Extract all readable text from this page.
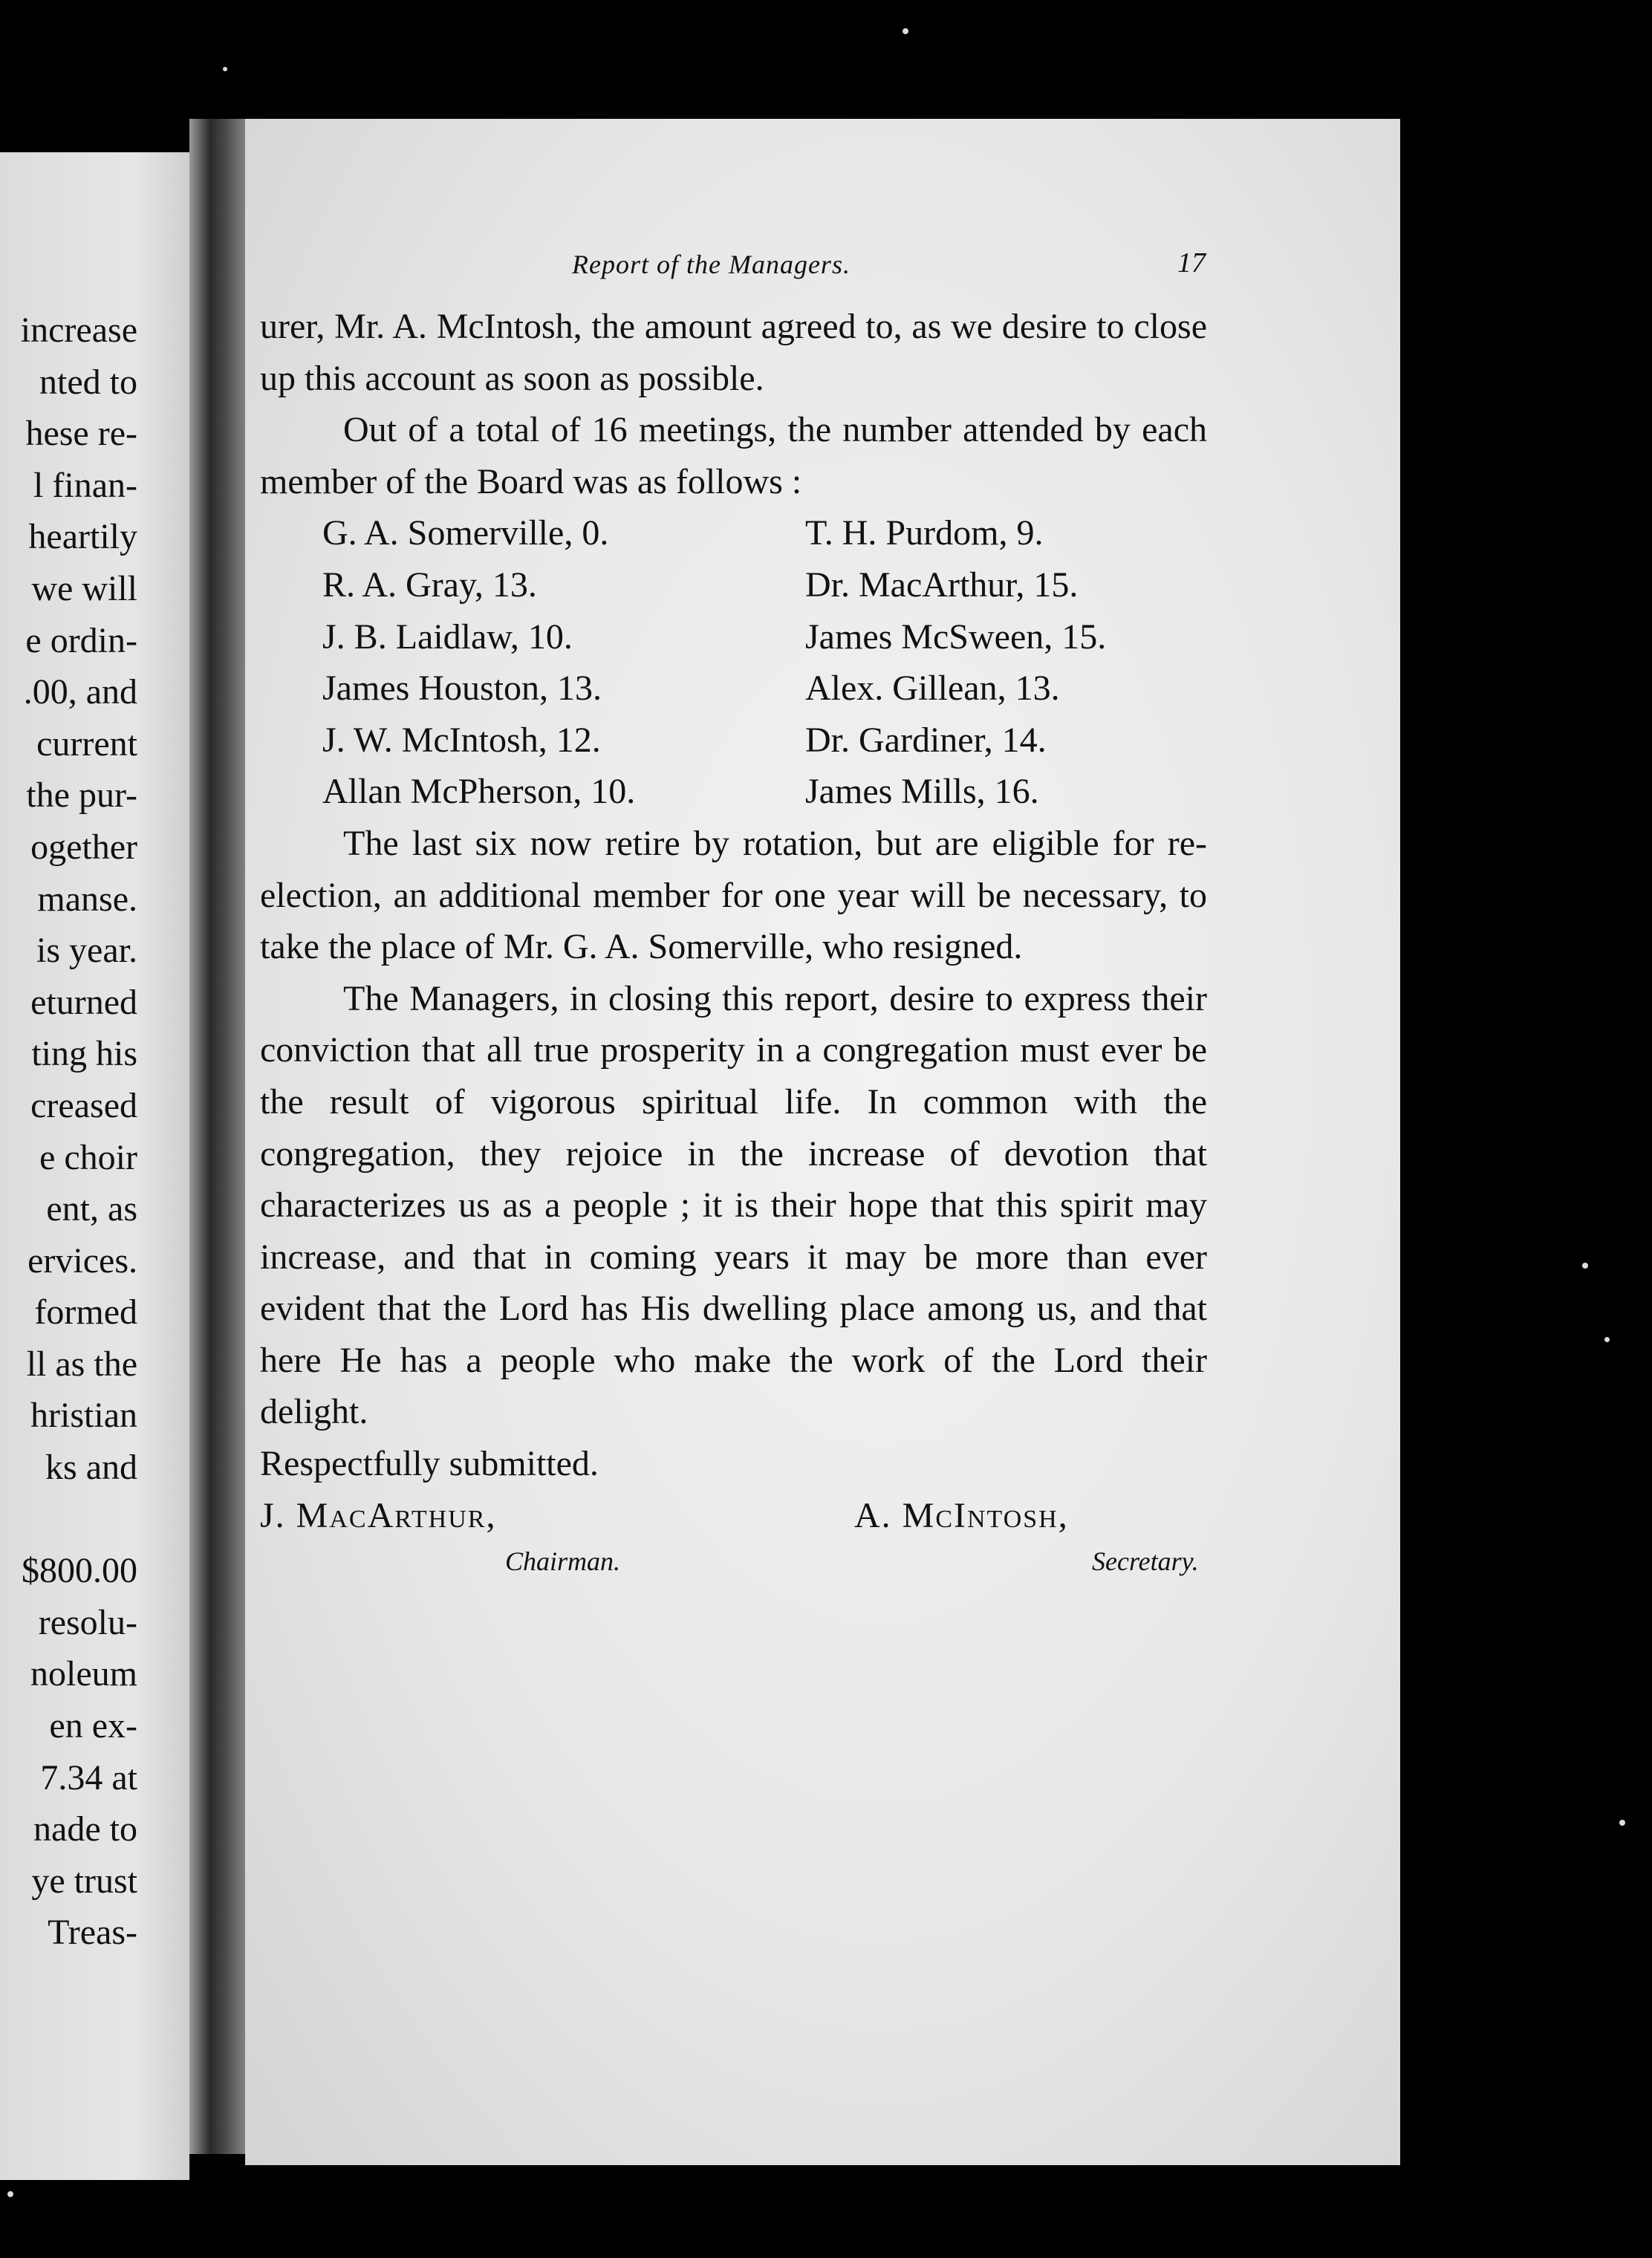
increase
nted to
hese re-
l finan-
heartily
we will
e ordin-
.00, and
current
the pur-
ogether
manse.
is year.
eturned
ting his
creased
e choir
ent, as
ervices.
formed
ll as the
hristian
ks and
$800.00
resolu-
noleum
en ex-
7.34 at
nade to
ye trust
Treas-
Report of the Managers.	17

urer, Mr. A. McIntosh, the amount agreed to, as we desire to close up this account as soon as possible.

Out of a total of 16 meetings, the number attended by each member of the Board was as follows :

G. A. Somerville, 0.	T. H. Purdom, 9.
R. A. Gray, 13.	Dr. MacArthur, 15.
J. B. Laidlaw, 10.	James McSween, 15.
James Houston, 13.	Alex. Gillean, 13.
J. W. McIntosh, 12.	Dr. Gardiner, 14.
Allan McPherson, 10.	James Mills, 16.

The last six now retire by rotation, but are eligible for re-election, an additional member for one year will be necessary, to take the place of Mr. G. A. Somerville, who resigned.

The Managers, in closing this report, desire to express their conviction that all true prosperity in a congregation must ever be the result of vigorous spiritual life. In common with the congregation, they rejoice in the increase of devotion that characterizes us as a people ; it is their hope that this spirit may increase, and that in coming years it may be more than ever evident that the Lord has His dwelling place among us, and that here He has a people who make the work of the Lord their delight.

Respectfully submitted.

J. MacArthur,
Chairman.
A. McIntosh,
Secretary.
